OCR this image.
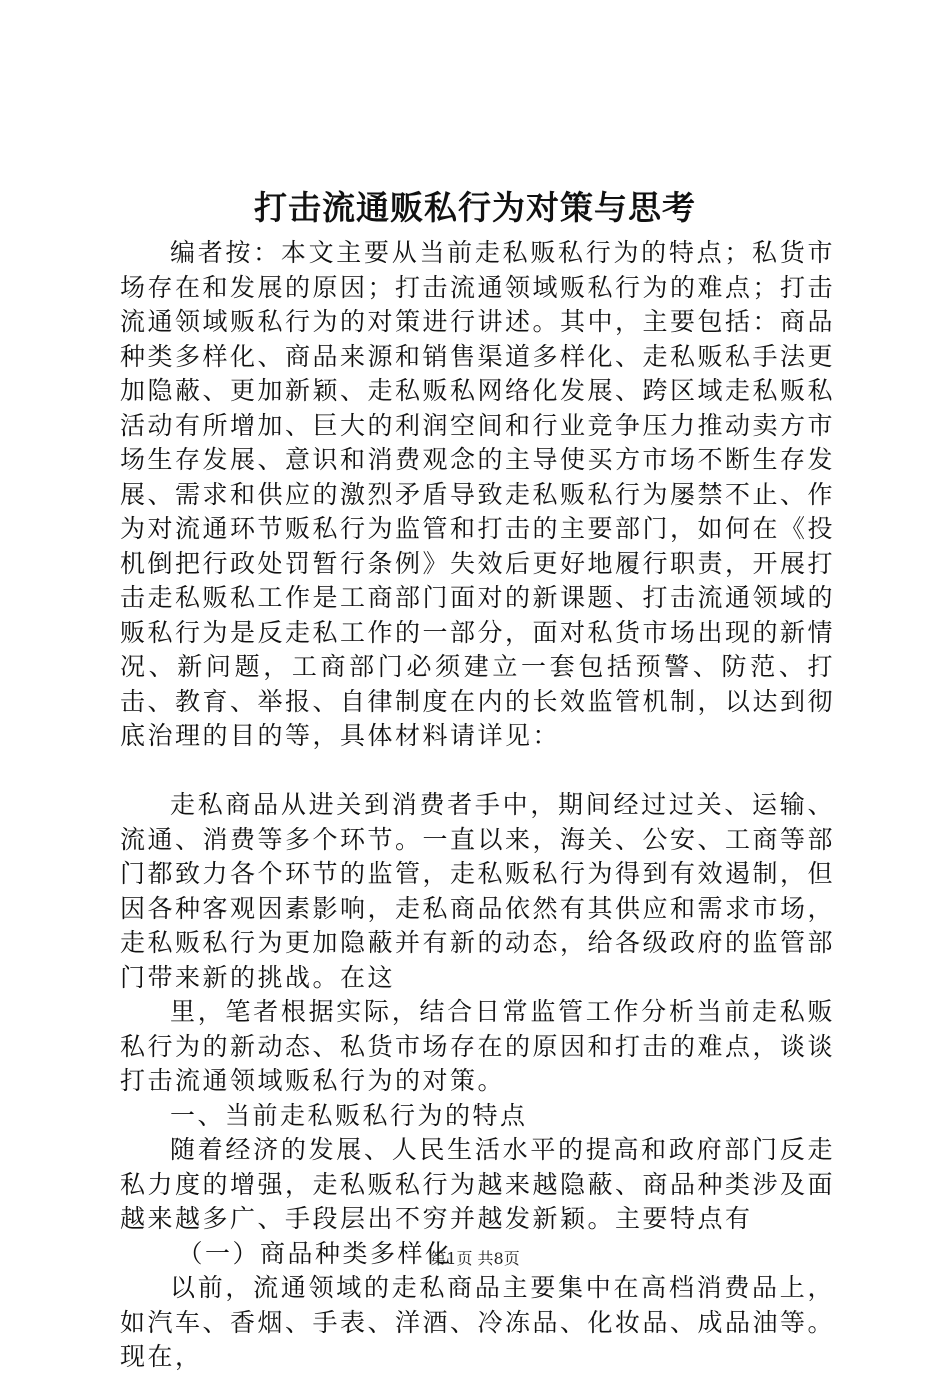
打击流通贩私行为对策与思考

编者按：本文主要从当前走私贩私行为的特点；私货市场存在和发展的原因；打击流通领域贩私行为的难点；打击流通领域贩私行为的对策进行讲述。其中，主要包括：商品种类多样化、商品来源和销售渠道多样化、走私贩私手法更加隐蔽、更加新颖、走私贩私网络化发展、跨区域走私贩私活动有所增加、巨大的利润空间和行业竞争压力推动卖方市场生存发展、意识和消费观念的主导使买方市场不断生存发展、需求和供应的激烈矛盾导致走私贩私行为屡禁不止、作为对流通环节贩私行为监管和打击的主要部门，如何在《投机倒把行政处罚暂行条例》失效后更好地履行职责，开展打击走私贩私工作是工商部门面对的新课题、打击流通领域的贩私行为是反走私工作的一部分，面对私货市场出现的新情况、新问题，工商部门必须建立一套包括预警、防范、打击、教育、举报、自律制度在内的长效监管机制，以达到彻底治理的目的等，具体材料请详见：

走私商品从进关到消费者手中，期间经过过关、运输、流通、消费等多个环节。一直以来，海关、公安、工商等部门都致力各个环节的监管，走私贩私行为得到有效遏制，但因各种客观因素影响，走私商品依然有其供应和需求市场，走私贩私行为更加隐蔽并有新的动态，给各级政府的监管部门带来新的挑战。在这

里，笔者根据实际，结合日常监管工作分析当前走私贩私行为的新动态、私货市场存在的原因和打击的难点，谈谈打击流通领域贩私行为的对策。

一、当前走私贩私行为的特点

随着经济的发展、人民生活水平的提高和政府部门反走私力度的增强，走私贩私行为越来越隐蔽、商品种类涉及面越来越多广、手段层出不穷并越发新颖。主要特点有

（一）商品种类多样化

以前，流通领域的走私商品主要集中在高档消费品上，如汽车、香烟、手表、洋酒、冷冻品、化妆品、成品油等。现在，

第1页 共8页
